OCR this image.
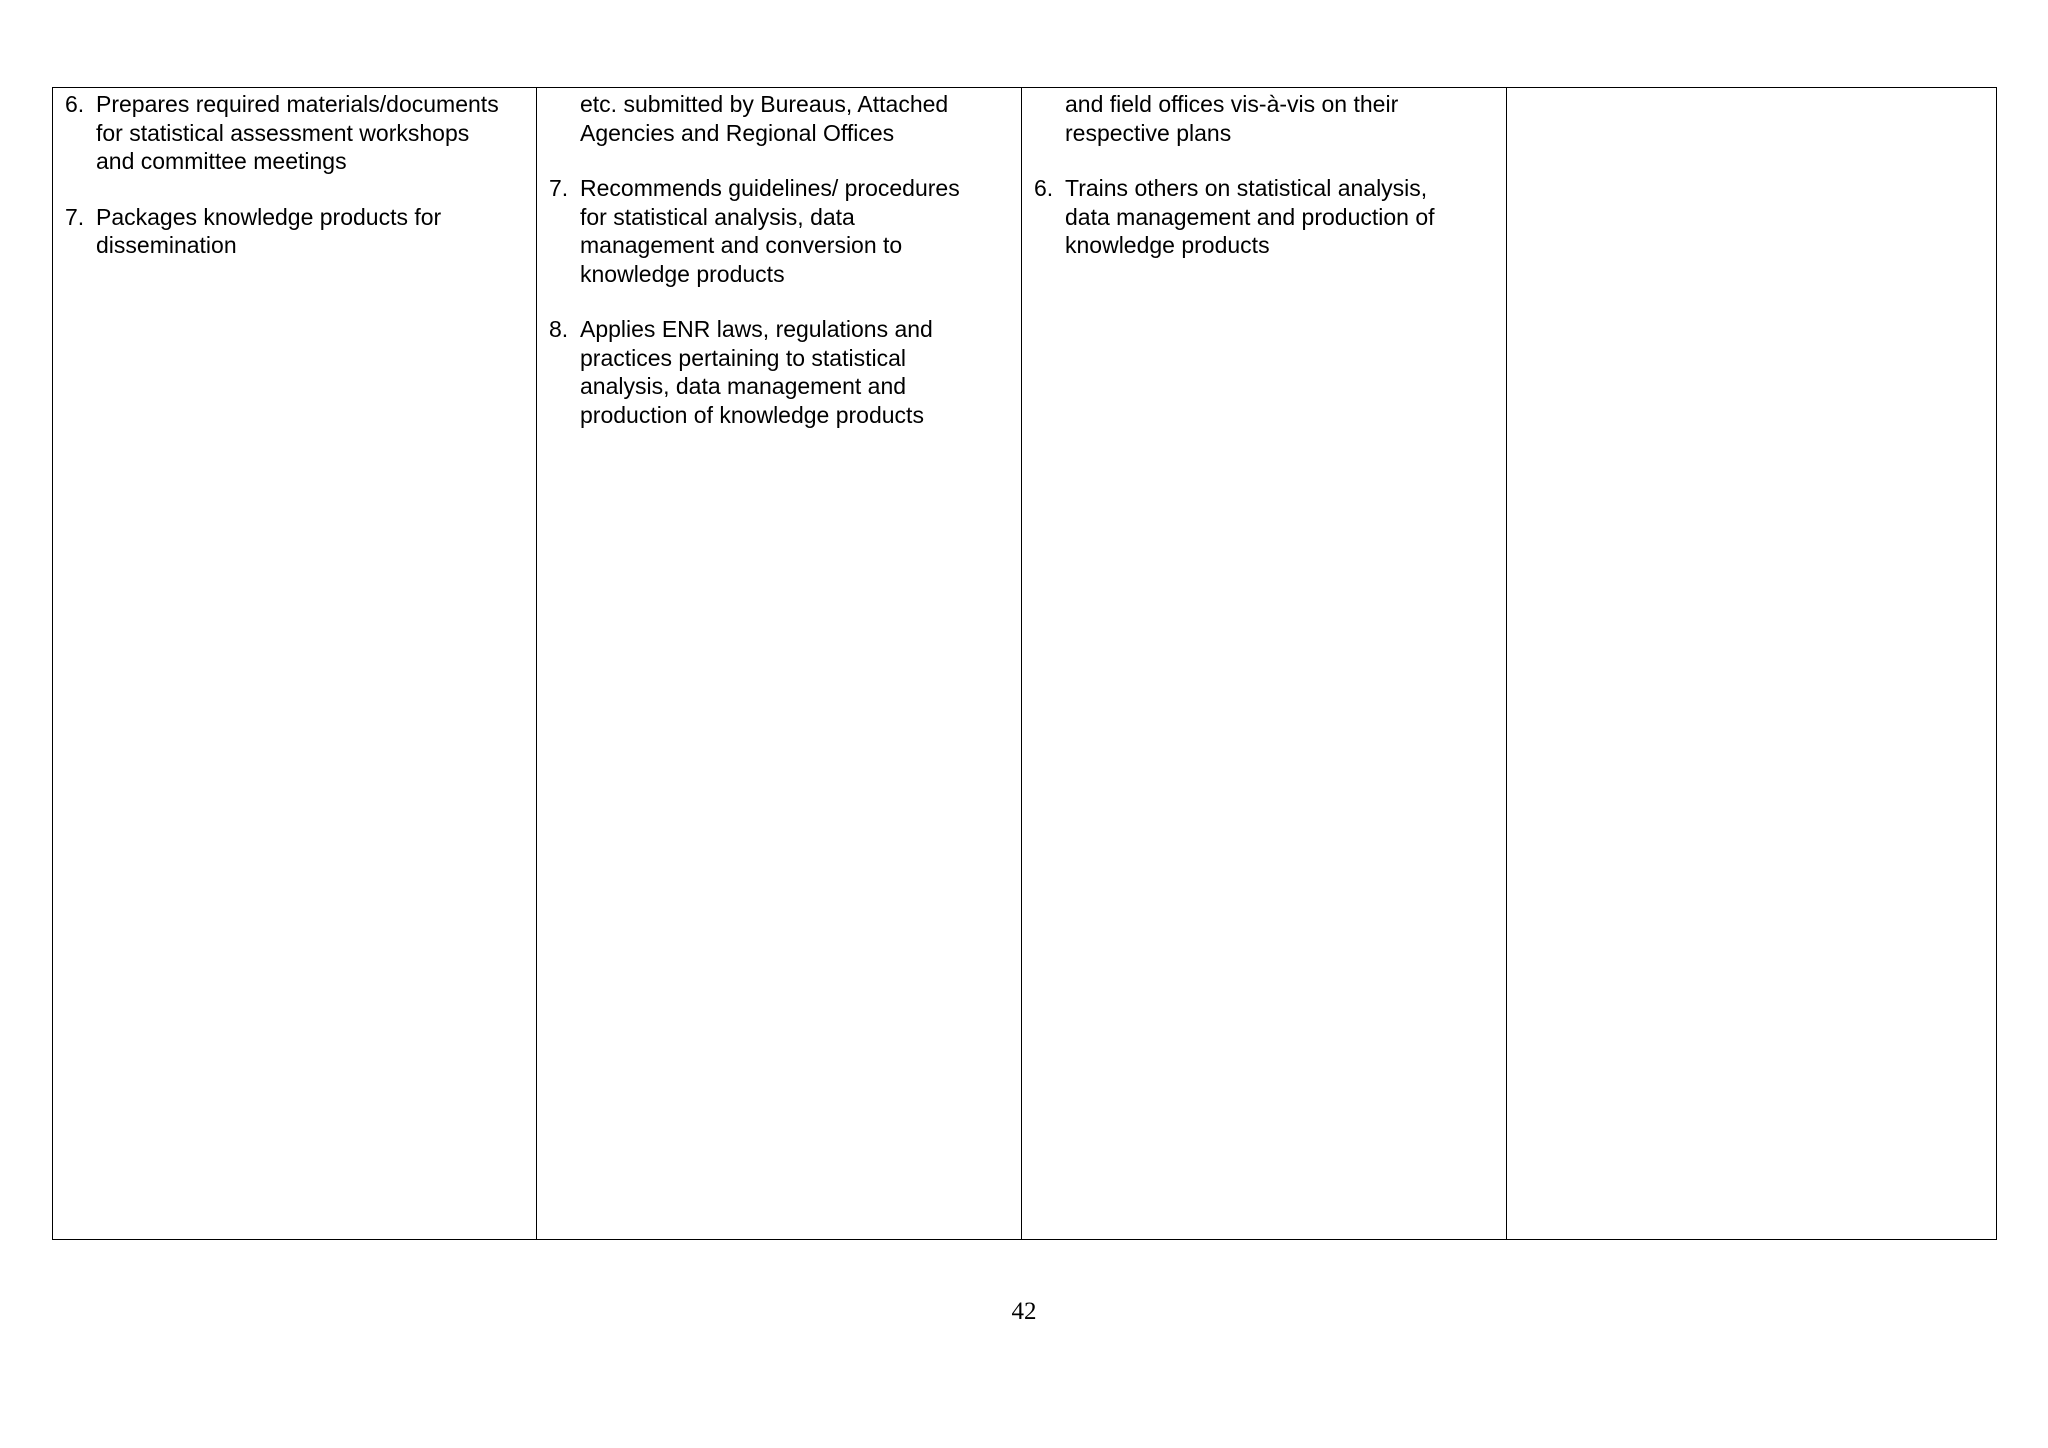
6. Prepares required materials/documents
for statistical assessment workshops
and committee meetings
7. Packages knowledge products for
dissemination

etc. submitted by Bureaus, Attached
Agencies and Regional Offices

7. Recommends guidelines/ procedures
for statistical analysis, data
management and conversion to
knowledge products
8. Applies ENR laws, regulations and
practices pertaining to statistical
analysis, data management and
production of knowledge products

and field offices vis-à-vis on their
respective plans

6. Trains others on statistical analysis,
data management and production of
knowledge products

42
